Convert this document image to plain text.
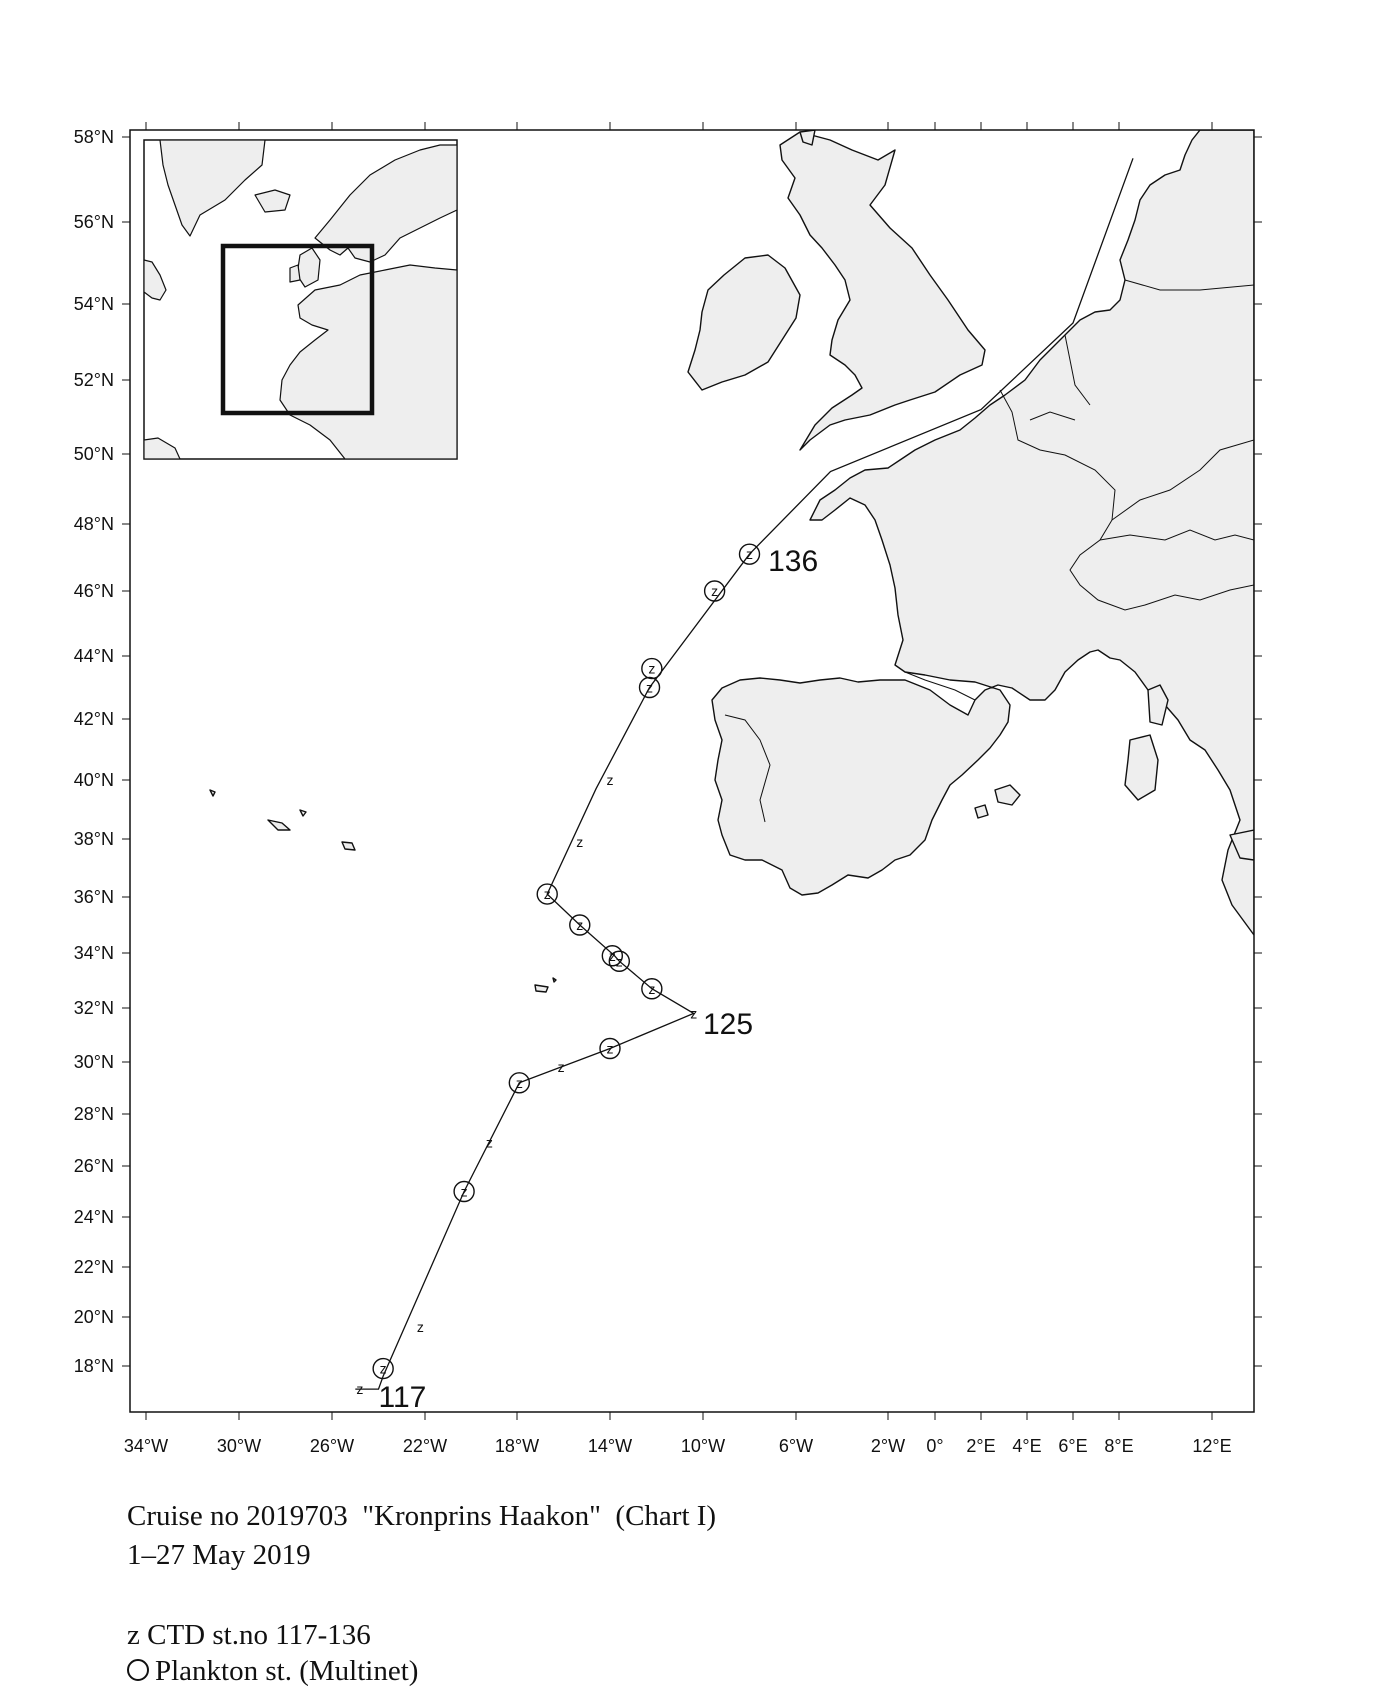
58°N
56°N
54°N
52°N
50°N
48°N
46°N
44°N
42°N
40°N
38°N
36°N
34°N
32°N
30°N
28°N
26°N
24°N
22°N
20°N
18°N
34°W	30°W	26°W	22°W	18°W	14°W	10°W	6°W	2°W 0° 2°E 4°E 6°E 8°E	12°E
z
z
z
z
z
z
z
z
z
z
z
z
z
z
z
z
z
z
z
z
117
125
136
Cruise no 2019703  "Kronprins Haakon"  (Chart I)
1–27 May 2019
z CTD st.no 117-136
Plankton st. (Multinet)
